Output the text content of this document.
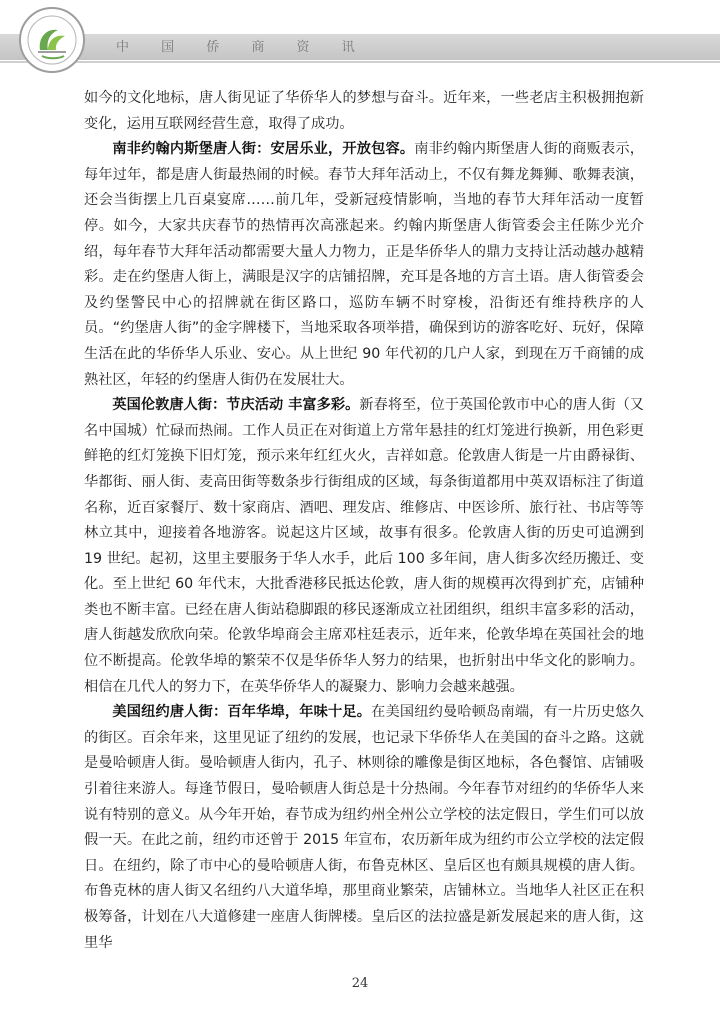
中 国 侨 商 资 讯

如今的文化地标，唐人街见证了华侨华人的梦想与奋斗。近年来，一些老店主积极拥抱新变化，运用互联网经营生意，取得了成功。

南非约翰内斯堡唐人街：安居乐业，开放包容。南非约翰内斯堡唐人街的商贩表示，每年过年，都是唐人街最热闹的时候。春节大拜年活动上，不仅有舞龙舞狮、歌舞表演，还会当街摆上几百桌宴席……前几年，受新冠疫情影响，当地的春节大拜年活动一度暂停。如今，大家共庆春节的热情再次高涨起来。约翰内斯堡唐人街管委会主任陈少光介绍，每年春节大拜年活动都需要大量人力物力，正是华侨华人的鼎力支持让活动越办越精彩。走在约堡唐人街上，满眼是汉字的店铺招牌，充耳是各地的方言土语。唐人街管委会及约堡警民中心的招牌就在街区路口，巡防车辆不时穿梭，沿街还有维持秩序的人员。“约堡唐人街”的金字牌楼下，当地采取各项举措，确保到访的游客吃好、玩好，保障生活在此的华侨华人乐业、安心。从上世纪 90 年代初的几户人家，到现在万千商铺的成熟社区，年轻的约堡唐人街仍在发展壮大。

英国伦敦唐人街：节庆活动 丰富多彩。新春将至，位于英国伦敦市中心的唐人街（又名中国城）忙碌而热闹。工作人员正在对街道上方常年悬挂的红灯笼进行换新，用色彩更鲜艳的红灯笼换下旧灯笼，预示来年红红火火，吉祥如意。伦敦唐人街是一片由爵禄街、华都街、丽人街、麦高田街等数条步行街组成的区域，每条街道都用中英双语标注了街道名称，近百家餐厅、数十家商店、酒吧、理发店、维修店、中医诊所、旅行社、书店等等林立其中，迎接着各地游客。说起这片区域，故事有很多。伦敦唐人街的历史可追溯到 19 世纪。起初，这里主要服务于华人水手，此后 100 多年间，唐人街多次经历搬迁、变化。至上世纪 60 年代末，大批香港移民抵达伦敦，唐人街的规模再次得到扩充，店铺种类也不断丰富。已经在唐人街站稳脚跟的移民逐渐成立社团组织，组织丰富多彩的活动，唐人街越发欣欣向荣。伦敦华埠商会主席邓柱廷表示，近年来，伦敦华埠在英国社会的地位不断提高。伦敦华埠的繁荣不仅是华侨华人努力的结果，也折射出中华文化的影响力。相信在几代人的努力下，在英华侨华人的凝聚力、影响力会越来越强。

美国纽约唐人街：百年华埠，年味十足。在美国纽约曼哈顿岛南端，有一片历史悠久的街区。百余年来，这里见证了纽约的发展，也记录下华侨华人在美国的奋斗之路。这就是曼哈顿唐人街。曼哈顿唐人街内，孔子、林则徐的雕像是街区地标，各色餐馆、店铺吸引着往来游人。每逢节假日，曼哈顿唐人街总是十分热闹。今年春节对纽约的华侨华人来说有特别的意义。从今年开始，春节成为纽约州全州公立学校的法定假日，学生们可以放假一天。在此之前，纽约市还曾于 2015 年宣布，农历新年成为纽约市公立学校的法定假日。在纽约，除了市中心的曼哈顿唐人街，布鲁克林区、皇后区也有颇具规模的唐人街。布鲁克林的唐人街又名纽约八大道华埠，那里商业繁荣，店铺林立。当地华人社区正在积极筹备，计划在八大道修建一座唐人街牌楼。皇后区的法拉盛是新发展起来的唐人街，这里华

24
